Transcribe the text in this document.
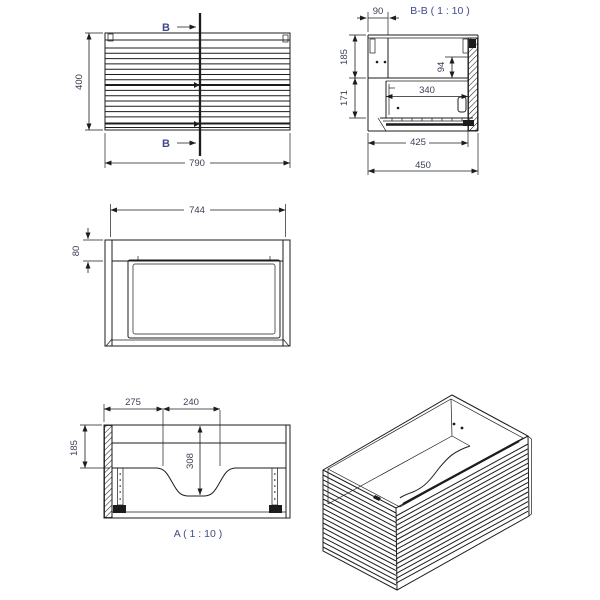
B
B
400
790
B-B ( 1 : 10 )
90
185
171
94
340
425
450
744
80
275	240
185
308
A ( 1 : 10 )
